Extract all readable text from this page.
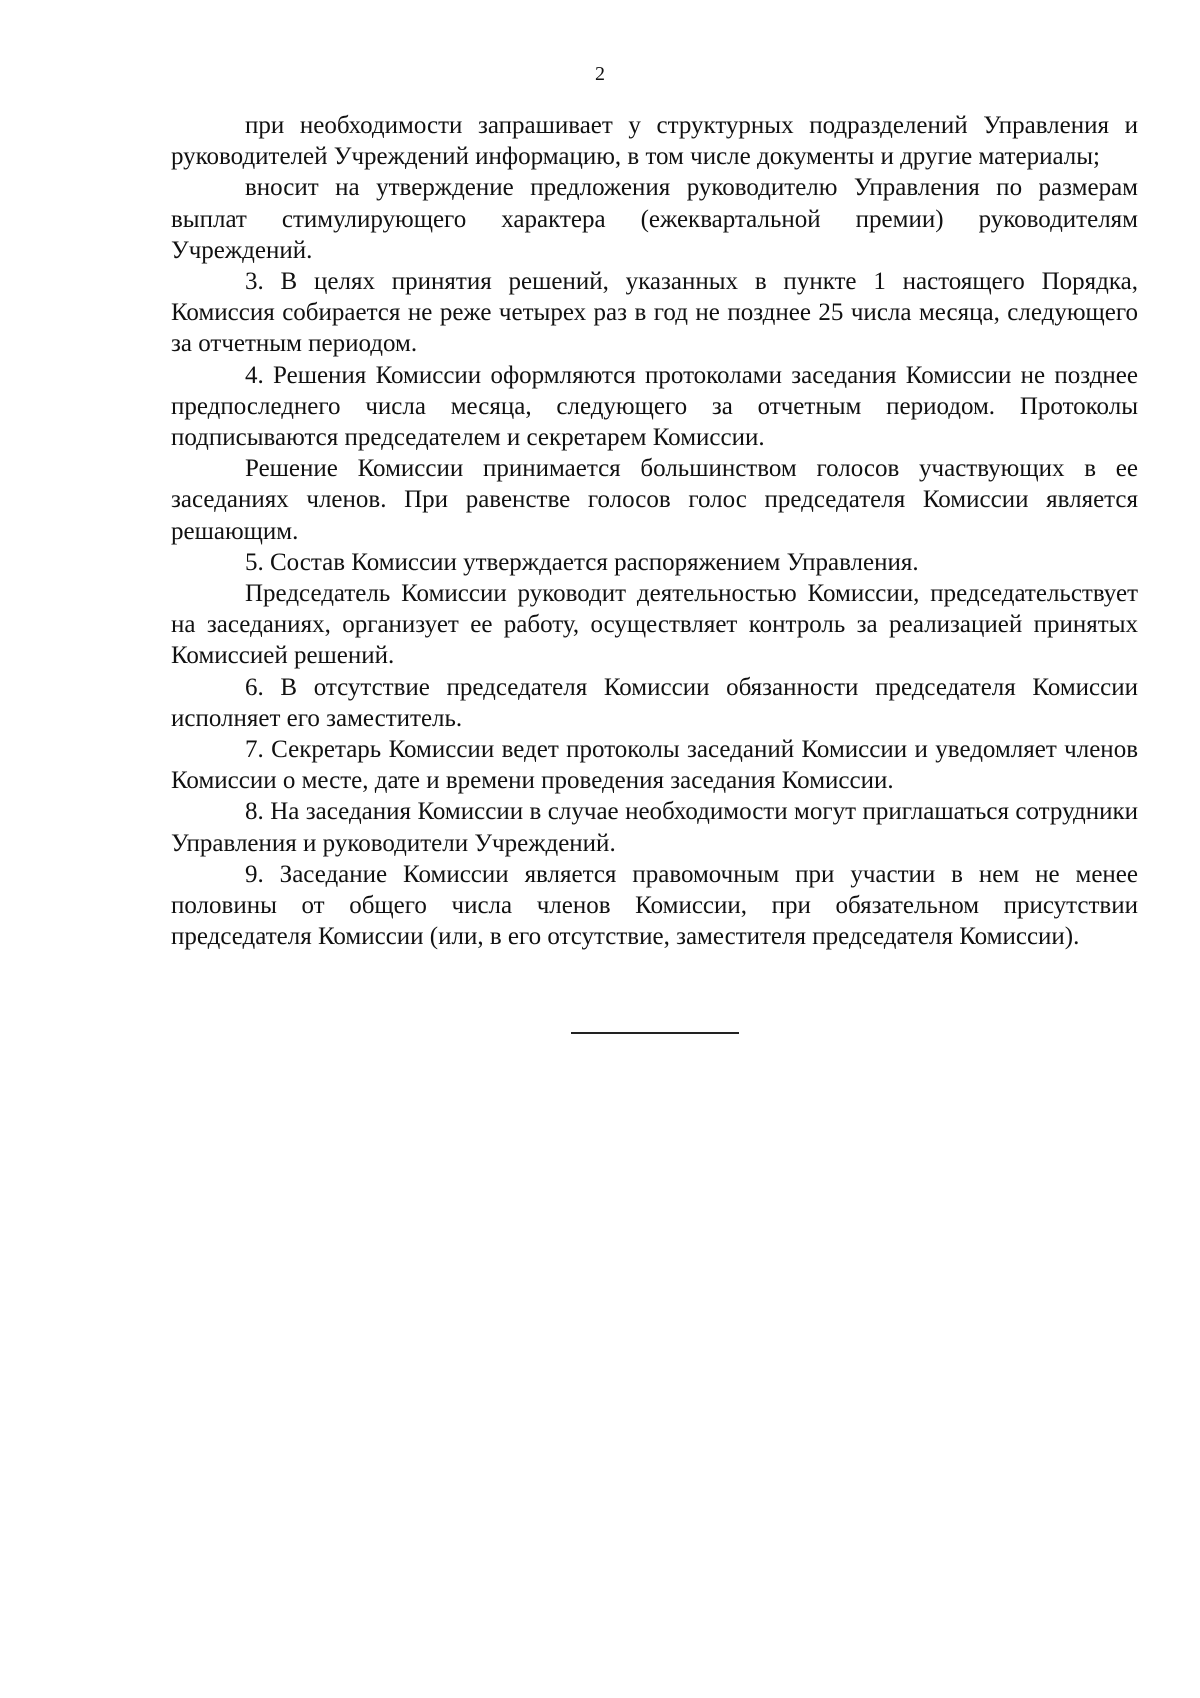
2

при необходимости запрашивает у структурных подразделений Управления и руководителей Учреждений информацию, в том числе документы и другие материалы;

вносит на утверждение предложения руководителю Управления по размерам выплат стимулирующего характера (ежеквартальной премии) руководителям Учреждений.

3. В целях принятия решений, указанных в пункте 1 настоящего Порядка, Комиссия собирается не реже четырех раз в год не позднее 25 числа месяца, следующего за отчетным периодом.

4. Решения Комиссии оформляются протоколами заседания Комиссии не позднее предпоследнего числа месяца, следующего за отчетным периодом. Протоколы подписываются председателем и секретарем Комиссии.

Решение Комиссии принимается большинством голосов участвующих в ее заседаниях членов. При равенстве голосов голос председателя Комиссии является решающим.

5. Состав Комиссии утверждается распоряжением Управления.

Председатель Комиссии руководит деятельностью Комиссии, председательствует на заседаниях, организует ее работу, осуществляет контроль за реализацией принятых Комиссией решений.

6. В отсутствие председателя Комиссии обязанности председателя Комиссии исполняет его заместитель.

7. Секретарь Комиссии ведет протоколы заседаний Комиссии и уведомляет членов Комиссии о месте, дате и времени проведения заседания Комиссии.

8. На заседания Комиссии в случае необходимости могут приглашаться сотрудники Управления и руководители Учреждений.

9. Заседание Комиссии является правомочным при участии в нем не менее половины от общего числа членов Комиссии, при обязательном присутствии председателя Комиссии (или, в его отсутствие, заместителя председателя Комиссии).
